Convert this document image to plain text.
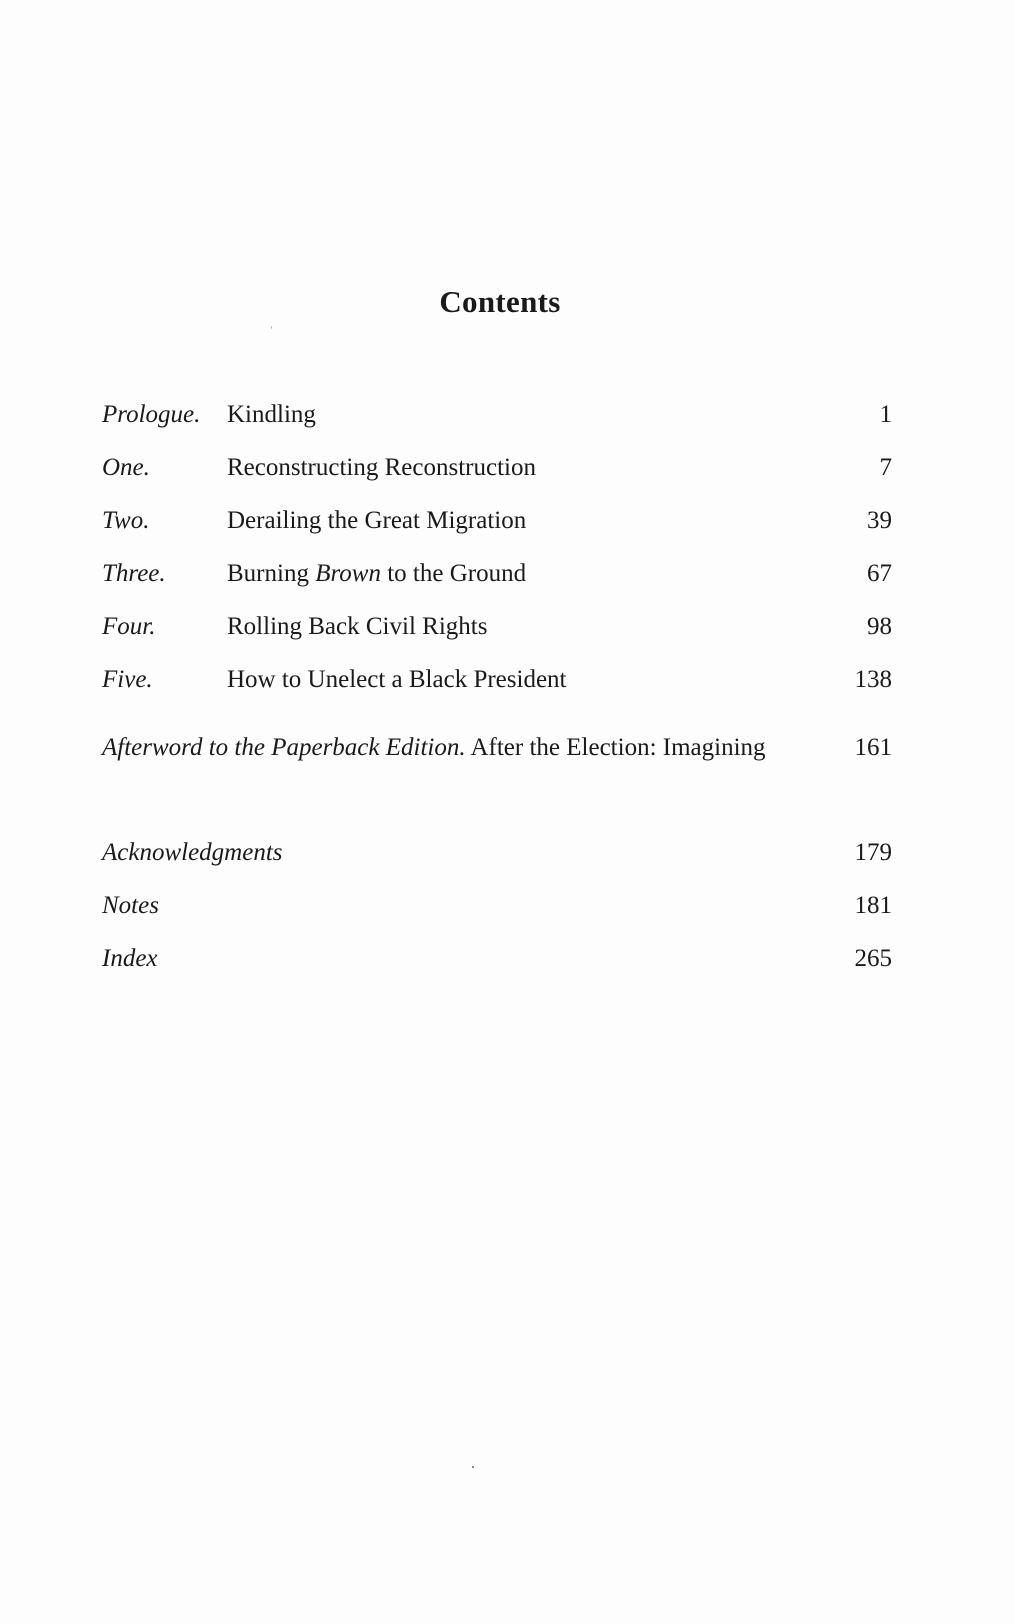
Contents
Prologue. Kindling	1
One.	Reconstructing Reconstruction	7
Two.	Derailing the Great Migration	39
Three. Burning Brown to the Ground	67
Four.	Rolling Back Civil Rights	98
Five.	How to Unelect a Black President	138
Afterword to the Paperback Edition. After the Election: Imagining	161
Acknowledgments	179
Notes	181
Index	265
